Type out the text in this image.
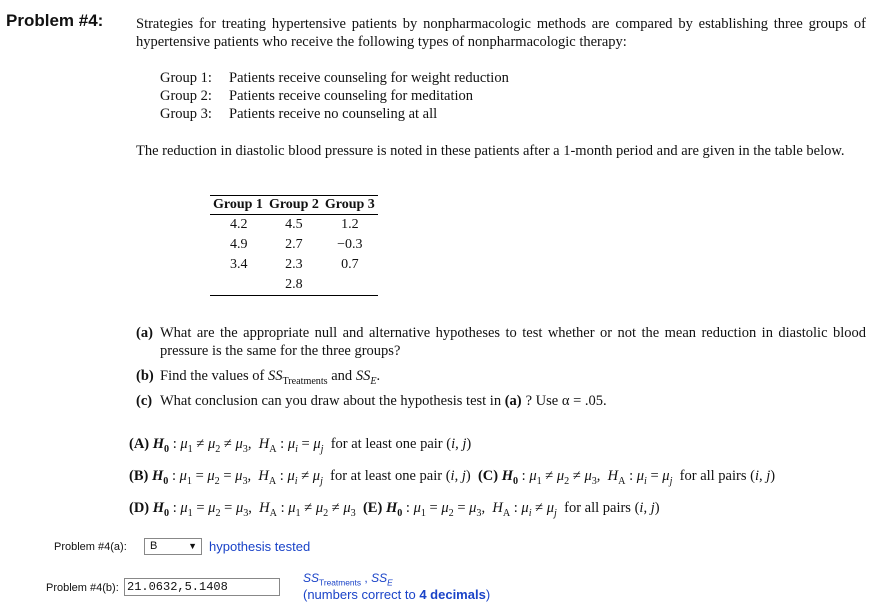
Problem #4: Strategies for treating hypertensive patients by nonpharmacologic methods are compared by establishing three groups of hypertensive patients who receive the following types of nonpharmacologic therapy:
Group 1: Patients receive counseling for weight reduction
Group 2: Patients receive counseling for meditation
Group 3: Patients receive no counseling at all
The reduction in diastolic blood pressure is noted in these patients after a 1-month period and are given in the table below.
Group 1	Group 2	Group 3
4.2	4.5	1.2
4.9	2.7	−0.3
3.4	2.3	0.7
	2.8	
(a) What are the appropriate null and alternative hypotheses to test whether or not the mean reduction in diastolic blood pressure is the same for the three groups?
(b) Find the values of $SS_{Treatments}$ and $SS_E$.
(c) What conclusion can you draw about the hypothesis test in (a) ? Use α = .05.
(A) $H_0$ : $\mu_1 \ne \mu_2 \ne \mu_3$,  $H_A$ : $\mu_i = \mu_j$ for at least one pair (i, j)
(B) $H_0$ : $\mu_1 = \mu_2 = \mu_3$,  $H_A$ : $\mu_i \ne \mu_j$ for at least one pair (i, j)  (C) $H_0$ : $\mu_1 \ne \mu_2 \ne \mu_3$,  $H_A$ : $\mu_i = \mu_j$ for all pairs (i, j)
(D) $H_0$ : $\mu_1 = \mu_2 = \mu_3$,  $H_A$ : $\mu_1 \ne \mu_2 \ne \mu_3$ (E) $H_0$ : $\mu_1 = \mu_2 = \mu_3$,  $H_A$ : $\mu_i \ne \mu_j$ for all pairs (i, j)
Problem #4(a):	B	▼ hypothesis tested
Problem #4(b): 21.0632,5.1408
$SS_{Treatments}$ , $SS_E$
(numbers correct to 4 decimals)
